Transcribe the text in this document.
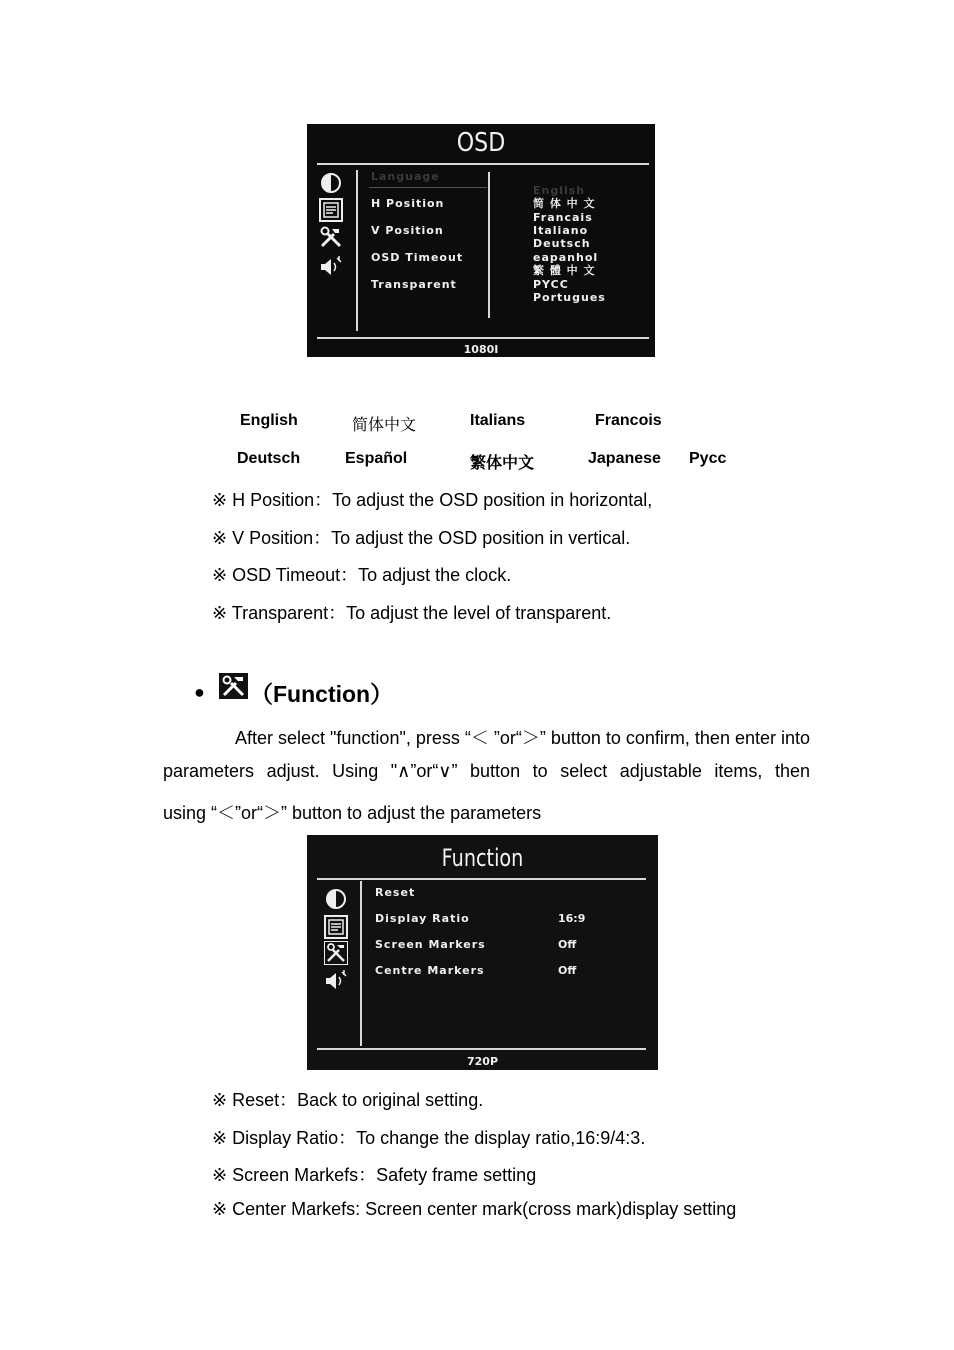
OSD
Language
H Position
V Position
OSD Timeout
Transparent
English
简 体 中 文
Francais
Italiano
Deutsch
eapanhol
繁 體 中 文
PYCC
Portugues
1080I
English	简体中文	Italians	Francois
Deutsch	Español	繁体中文	Japanese Pycc
※ H Position：To adjust the OSD position in horizontal,
※ V Position：To adjust the OSD position in vertical.
※ OSD Timeout：To adjust the clock.
※ Transparent：To adjust the level of transparent.
● （Function）
After select "function", press “＜ ”or“＞” button to confirm, then enter into
parameters adjust. Using "∧”or“∨” button to select adjustable items, then
using “＜”or“＞” button to adjust the parameters
Function
Reset
Display Ratio	16:9
Screen Markers	Off
Centre Markers	Off
720P
※ Reset：Back to original setting.
※ Display Ratio：To change the display ratio,16:9/4:3.
※ Screen Markefs：Safety frame setting
※ Center Markefs: Screen center mark(cross mark)display setting
